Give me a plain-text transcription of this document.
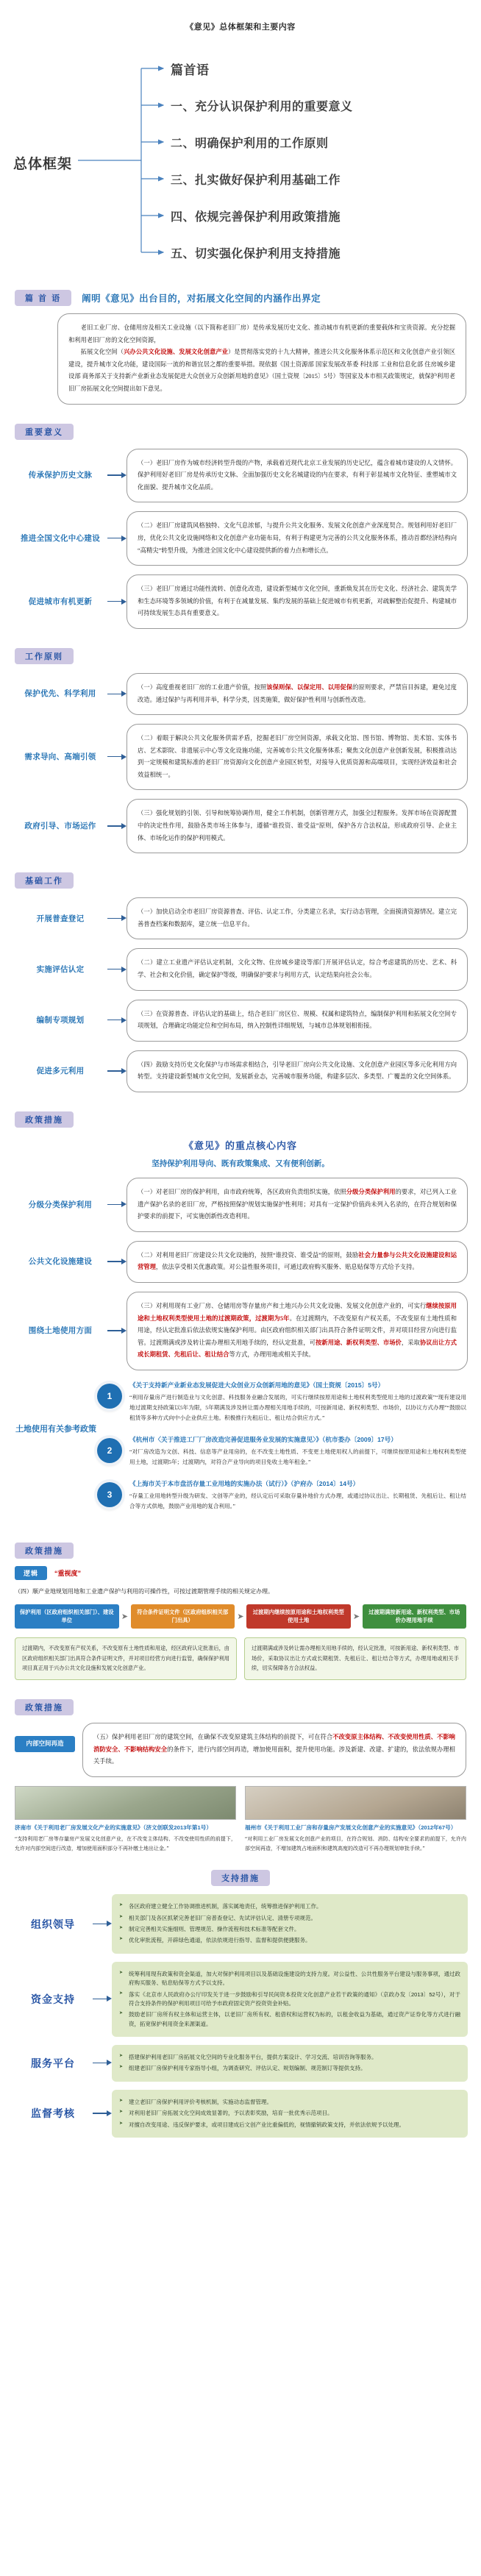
《意见》总体框架和主要内容
总体框架
篇首语
一、充分认识保护利用的重要意义
二、明确保护利用的工作原则
三、扎实做好保护利用基础工作
四、依规完善保护利用政策措施
五、切实强化保护利用支持措施
篇 首 语	阐明《意见》出台目的，对拓展文化空间的内涵作出界定

老旧工业厂房、仓储用房及相关工业设施（以下简称老旧厂房）是传承发展历史文化、推动城市有机更新的重要载体和宝贵资源。充分挖掘和利用老旧厂房的文化空间资源，

拓展文化空间（兴办公共文化设施、发展文化创意产业）是贯彻落实党的十九大精神，推进公共文化服务体系示范区和文化创意产业引领区建设，提升城市文化功能，建设国际一流的和谐宜居之都的重要举措。现依据《国土资源部 国家发展改革委 科技部 工业和信息化部 住房城乡建设部 商务部关于支持新产业新业态发展促进大众创业万众创新用地的意见》（国土资规〔2015〕5号）等国家及本市相关政策规定，就保护利用老旧厂房拓展文化空间提出如下意见。

重要意义
传承保护历史文脉
（一）老旧厂房作为城市经济转型升级的产物，承载着近现代北京工业发展的历史记忆，蕴含着城市建设的人文情怀。保护利用好老旧厂房是传承历史文脉、全面加强历史文化名城建设的内在要求，有利于彰显城市文化特征、重塑城市文化面貌、提升城市文化品质。
推进全国文化中心建设
（二）老旧厂房建筑风格独特、文化气息浓郁，与提升公共文化服务、发展文化创意产业深度契合。规划利用好老旧厂房，优化公共文化设施网络和文化创意产业功能布局，有利于构建更为完善的公共文化服务体系，推动首都经济结构向“高精尖”转型升级，为推进全国文化中心建设提供新的着力点和增长点。
促进城市有机更新
（三）老旧厂房通过功能性流转、创意化改造，建设新型城市文化空间，重新焕发其在历史文化、经济社会、建筑美学和生态环境等多领域的价值，有利于在减量发展、集约发展的基础上促进城市有机更新，对疏解整治促提升、构建城市可持续发展生态具有重要意义。
工作原则
保护优先、科学利用
（一）高度重视老旧厂房的工业遗产价值，按照该保则保、以保定用、以用促保的原则要求，严禁盲目拆建，避免过度改造。通过保护与再利用并举，科学分类，因类施策，做好保护性利用与创新性改造。
需求导向、高端引领
（二）着眼于解决公共文化服务供需矛盾，挖掘老旧厂房空间资源，承载文化馆、图书馆、博物馆、美术馆、实体书店、艺术影院、非遗展示中心等文化设施功能，完善城市公共文化服务体系；聚焦文化创意产业创新发展，积极推动达到一定规模和建筑标准的老旧厂房资源向文化创意产业园区转型，对接导入优质资源和高端项目，实现经济效益和社会效益相统一。
政府引导、市场运作
（三）强化规划的引领、引导和统筹协调作用，健全工作机制，创新管理方式，加强全过程服务。发挥市场在资源配置中的决定性作用，鼓励各类市场主体参与，遵循“谁投资、谁受益”原则，保护各方合法权益，形成政府引导、企业主体、市场化运作的保护利用模式。
基础工作
开展普查登记
（一）加快启动全市老旧厂房资源普查、评估、认定工作，分类建立名录，实行动态管理，全面摸清资源情况。建立完善普查档案和数据库，建立统一信息平台。
实施评估认定
（二）建立工业遗产评估认定机制，文化文物、住房城乡建设等部门开展评估认定，综合考虑建筑的历史、艺术、科学、社会和文化价值，确定保护等级，明确保护要求与利用方式，认定结果向社会公布。
编制专项规划
（三）在资源普查、评估认定的基础上，结合老旧厂房区位、规模、权属和建筑特点，编制保护利用和拓展文化空间专项规划，合理确定功能定位和空间布局，纳入控制性详细规划，与城市总体规划相衔接。
促进多元利用
（四）鼓励支持历史文化保护与市场需求相结合，引导老旧厂房向公共文化设施、文化创意产业园区等多元化利用方向转型。支持建设新型城市文化空间，发展新业态，完善城市服务功能，构建多层次、多类型、广覆盖的文化空间体系。
政策措施
《意见》的重点核心内容
坚持保护利用导向、既有政策集成、又有便利创新。
分级分类保护利用
（一）对老旧厂房的保护利用，由市政府统筹，各区政府负责组织实施，依照分级分类保护利用的要求，对已列入工业遗产保护名录的老旧厂房，严格按照保护规划实施保护性利用；对具有一定保护价值尚未列入名录的，在符合规划和保护要求的前提下，可实施创新性改造利用。
公共文化设施建设
（二）对利用老旧厂房建设公共文化设施的，按照“谁投资、谁受益”的原则，鼓励社会力量参与公共文化设施建设和运营管理，依法享受相关优惠政策。对公益性服务项目，可通过政府购买服务、贴息贴保等方式给予支持。
围绕土地使用方面
（三）对利用现有工业厂房、仓储用房等存量房产和土地兴办公共文化设施、发展文化创意产业的，可实行继续按原用途和土地权利类型使用土地的过渡期政策，过渡期为5年。在过渡期内，不改变原有产权关系，不改变原有土地性质和用途，经认定批准后依法依规实施保护利用。由区政府组织相关部门出具符合条件证明文件，并对项目经营方向进行监管。过渡期满或涉及转让需办理相关用地手续的，经认定批准，可按新用途、新权利类型、市场价，采取协议出让方式或长期租赁、先租后让、租让结合等方式，办理用地或相关手续。
土地使用有关参考政策
1
《关于支持新产业新业态发展促进大众创业万众创新用地的意见》（国土资规〔2015〕5号）
“利用存量房产进行制造业与文化创意、科技服务业融合发展的，可实行继续按原用途和土地权利类型使用土地的过渡政策”“现有建设用地过渡期支持政策以5年为限，5年期满及涉及转让需办理相关用地手续的，可按新用途、新权利类型、市场价，以协议方式办理”“鼓励以租赁等多种方式向中小企业供应土地。积极推行先租后让、租让结合供应方式。”
2
《杭州市〈关于推进工厂厂房改造完善促进服务业发展的实施意见〉》（杭市委办〔2009〕17号）
“对厂房改造为文创、科技、信息等产业用房的，在不改变土地性质、不变更土地使用权人的前提下，可继续按原用途和土地权利类型使用土地，过渡期5年；过渡期内，对符合产业导向的项目免收土地年租金。”
3
《上海市关于本市盘活存量工业用地的实施办法（试行）》（沪府办〔2014〕14号）
“存量工业用地转型升级为研发、文创等产业的，经认定后可采取存量补地价方式办理，或通过协议出让、长期租赁、先租后让、租让结合等方式供地，鼓励产业用地的复合利用。”
政策措施
逻辑	“重视度”
（四）顺产业地规划用地和工业遗产保护与利用的可操作性，可按过渡期管理手续的相关规定办理。
保护利用（区政府组织相关部门）、建设单位	➤
符合条件证明文件（区政府组织相关部门出具）	➤
过渡期内继续按原用途和土地权利类型使用土地	➤
过渡期满按新用途、新权利类型、市场价办理用地手续
过渡期内，不改变原有产权关系，不改变原有土地性质和用途，经区政府认定批准后，由区政府组织相关部门出具符合条件证明文件，并对项目经营方向进行监管，确保保护利用项目真正用于兴办公共文化设施和发展文化创意产业。
过渡期满或涉及转让需办理相关用地手续的，经认定批准，可按新用途、新权利类型、市场价，采取协议出让方式或长期租赁、先租后让、租让结合等方式，办理用地或相关手续，切实保障各方合法权益。
政策措施
内部空间再造
（五）保护利用老旧厂房的建筑空间，在确保不改变原建筑主体结构的前提下，可在符合不改变原主体结构、不改变使用性质、不影响消防安全、不影响结构安全的条件下，进行内部空间再造，增加使用面积，提升使用功能。涉及新建、改建、扩建的，依法依规办理相关手续。
济南市《关于利用老厂房发展文化产业的实施意见》（济文创联发2013年第1号）
“支持利用老厂房等存量房产发展文化创意产业，在不改变主体结构、不改变使用性质的前提下，允许对内部空间进行改造，增加使用面积部分不再补缴土地出让金。”
福州市《关于利用工业厂房和存量房产发展文化创意产业的实施意见》（2012年67号）
“对利用工业厂房发展文化创意产业的项目，在符合规划、消防、结构安全要求的前提下，允许内部空间再造，不增加建筑占地面积和建筑高度的改造可不再办理规划审批手续。”
支持措施
组织领导
➤ 各区政府建立健全工作协调推进机制，落实属地责任，统筹推进保护利用工作。
➤ 相关部门及各区抓紧完善老旧厂房普查登记、先试评估认定、清册专项规范。
➤ 制定完善相关实施细则、管理规范、操作流程和技术标准等配套文件。
➤ 优化审批流程，开辟绿色通道，依法依规进行指导、监督和提供便捷服务。
资金支持
➤ 统筹利用现有政策和资金渠道，加大对保护利用项目以及基础设施建设的支持力度。对公益性、公共性服务平台建设与服务事项，通过政府购买服务、贴息贴保等方式予以支持。
➤ 落实《北京市人民政府办公厅印发关于进一步鼓励和引导民间资本投资文化创意产业若干政策的通知》（京政办发〔2013〕52号），对于符合支持条件的保护利用项目可给予市政府固定资产投资资金补贴。
➤ 鼓励老旧厂房所有权主体和运营主体，以老旧厂房所有权、租借权和运营权为标的，以租金收益为基础，通过资产证券化等方式进行融资，拓宽保护利用资金来源渠道。
服务平台
➤ 搭建保护利用老旧厂房拓展文化空间的专业化服务平台，提供方案设计、学习交流、培训咨询等服务。
➤ 组建老旧厂房保护利用专家指导小组，为调查研究、评估认定、规划编制、规范制订等提供支持。
监督考核
➤ 建立老旧厂房保护利用评价考核机制，实施动态监督管理。
➤ 对利用老旧厂房拓展文化空间成效显著的，予以表彰奖励，培育一批优秀示范项目。
➤ 对擅自改变用途、违反保护要求，或项目建成后文创产业比重偏低的，视情撤销政策支持，并依法依规予以处理。
